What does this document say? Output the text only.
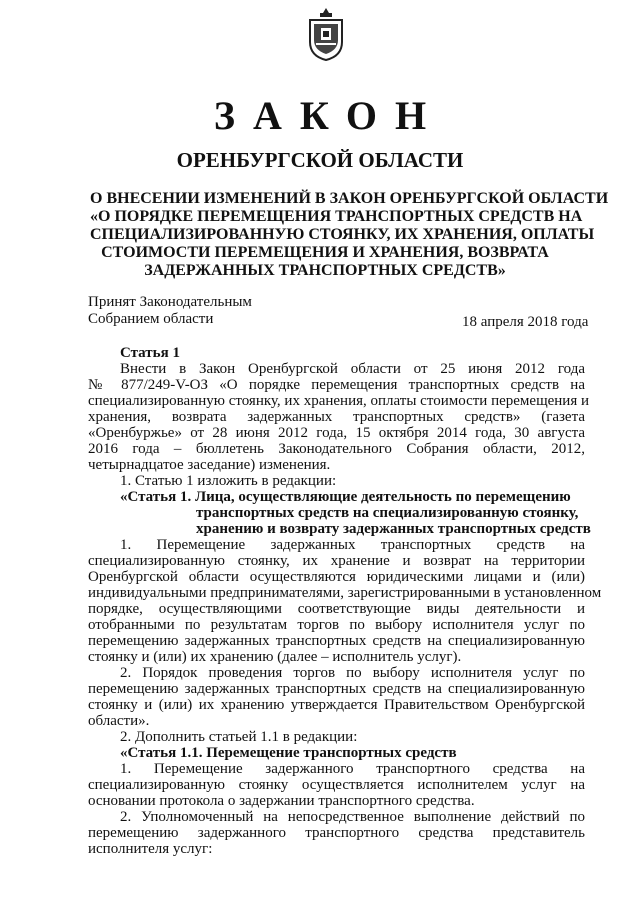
ЗАКОН
ОРЕНБУРГСКОЙ ОБЛАСТИ
О ВНЕСЕНИИ ИЗМЕНЕНИЙ В ЗАКОН ОРЕНБУРГСКОЙ ОБЛАСТИ
«О ПОРЯДКЕ ПЕРЕМЕЩЕНИЯ ТРАНСПОРТНЫХ СРЕДСТВ НА
СПЕЦИАЛИЗИРОВАННУЮ СТОЯНКУ, ИХ ХРАНЕНИЯ, ОПЛАТЫ
СТОИМОСТИ ПЕРЕМЕЩЕНИЯ И ХРАНЕНИЯ, ВОЗВРАТА
ЗАДЕРЖАННЫХ ТРАНСПОРТНЫХ СРЕДСТВ»
Принят Законодательным
Собранием области	18 апреля 2018 года
Статья 1
Внести в Закон Оренбургской области от 25 июня 2012 года
№ 877/249-V-ОЗ «О порядке перемещения транспортных средств на
специализированную стоянку, их хранения, оплаты стоимости перемещения и
хранения, возврата задержанных транспортных средств» (газета
«Оренбуржье» от 28 июня 2012 года, 15 октября 2014 года, 30 августа
2016 года – бюллетень Законодательного Собрания области, 2012,
четырнадцатое заседание) изменения.
1. Статью 1 изложить в редакции:
«Статья 1. Лица, осуществляющие деятельность по перемещению
транспортных средств на специализированную стоянку,
хранению и возврату задержанных транспортных средств
1. Перемещение задержанных транспортных средств на
специализированную стоянку, их хранение и возврат на территории
Оренбургской области осуществляются юридическими лицами и (или)
индивидуальными предпринимателями, зарегистрированными в установленном
порядке, осуществляющими соответствующие виды деятельности и
отобранными по результатам торгов по выбору исполнителя услуг по
перемещению задержанных транспортных средств на специализированную
стоянку и (или) их хранению (далее – исполнитель услуг).
2. Порядок проведения торгов по выбору исполнителя услуг по
перемещению задержанных транспортных средств на специализированную
стоянку и (или) их хранению утверждается Правительством Оренбургской
области».
2. Дополнить статьей 1.1 в редакции:
«Статья 1.1. Перемещение транспортных средств
1. Перемещение задержанного транспортного средства на
специализированную стоянку осуществляется исполнителем услуг на
основании протокола о задержании транспортного средства.
2. Уполномоченный на непосредственное выполнение действий по
перемещению задержанного транспортного средства представитель
исполнителя услуг:
